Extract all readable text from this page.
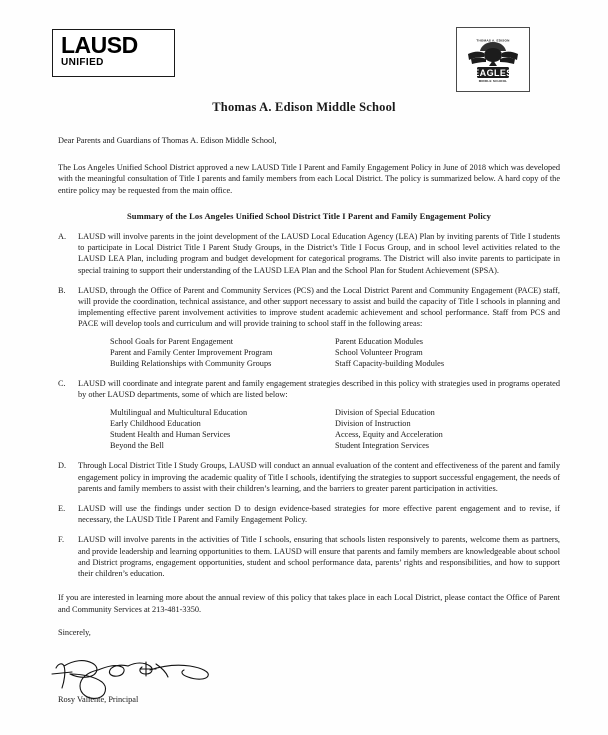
LAUSD
UNIFIED
EAGLES
THOMAS A. EDISON
MIDDLE SCHOOL
Thomas A. Edison Middle School
Dear Parents and Guardians of Thomas A. Edison Middle School,
The Los Angeles Unified School District approved a new LAUSD Title I Parent and Family Engagement Policy in June of 2018 which was developed with the meaningful consultation of Title I parents and family members from each Local District. The policy is summarized below. A hard copy of the entire policy may be requested from the main office.
Summary of the Los Angeles Unified School District Title I Parent and Family Engagement Policy
A.	LAUSD will involve parents in the joint development of the LAUSD Local Education Agency (LEA) Plan by inviting parents of Title I students to participate in Local District Title I Parent Study Groups, in the District’s Title I Focus Group, and in school level activities related to the LAUSD LEA Plan, including program and budget development for categorical programs. The District will also invite parents to participate in special training to support their understanding of the LAUSD LEA Plan and the School Plan for Student Achievement (SPSA).
B.	LAUSD, through the Office of Parent and Community Services (PCS) and the Local District Parent and Community Engagement (PACE) staff, will provide the coordination, technical assistance, and other support necessary to assist and build the capacity of Title I schools in planning and implementing effective parent involvement activities to improve student academic achievement and school performance. Staff from PCS and PACE will develop tools and curriculum and will provide training to school staff in the following areas:
School Goals for Parent Engagement	Parent Education Modules
Parent and Family Center Improvement Program	School Volunteer Program
Building Relationships with Community Groups	Staff Capacity-building Modules
C.	LAUSD will coordinate and integrate parent and family engagement strategies described in this policy with strategies used in programs operated by other LAUSD departments, some of which are listed below:
Multilingual and Multicultural Education	Division of Special Education
Early Childhood Education	Division of Instruction
Student Health and Human Services	Access, Equity and Acceleration
Beyond the Bell	Student Integration Services
D.	Through Local District Title I Study Groups, LAUSD will conduct an annual evaluation of the content and effectiveness of the parent and family engagement policy in improving the academic quality of Title I schools, identifying the strategies to support successful engagement, the needs of parents and family members to assist with their children’s learning, and the barriers to greater parent participation in activities.
E.	LAUSD will use the findings under section D to design evidence-based strategies for more effective parent engagement and to revise, if necessary, the LAUSD Title I Parent and Family Engagement Policy.
F.	LAUSD will involve parents in the activities of Title I schools, ensuring that schools listen responsively to parents, welcome them as partners, and provide leadership and learning opportunities to them. LAUSD will ensure that parents and family members are knowledgeable about school and District programs, engagement opportunities, student and school performance data, parents’ rights and responsibilities, and how to support their children’s education.
If you are interested in learning more about the annual review of this policy that takes place in each Local District, please contact the Office of Parent and Community Services at 213-481-3350.
Sincerely,
Rosy Valiente, Principal
